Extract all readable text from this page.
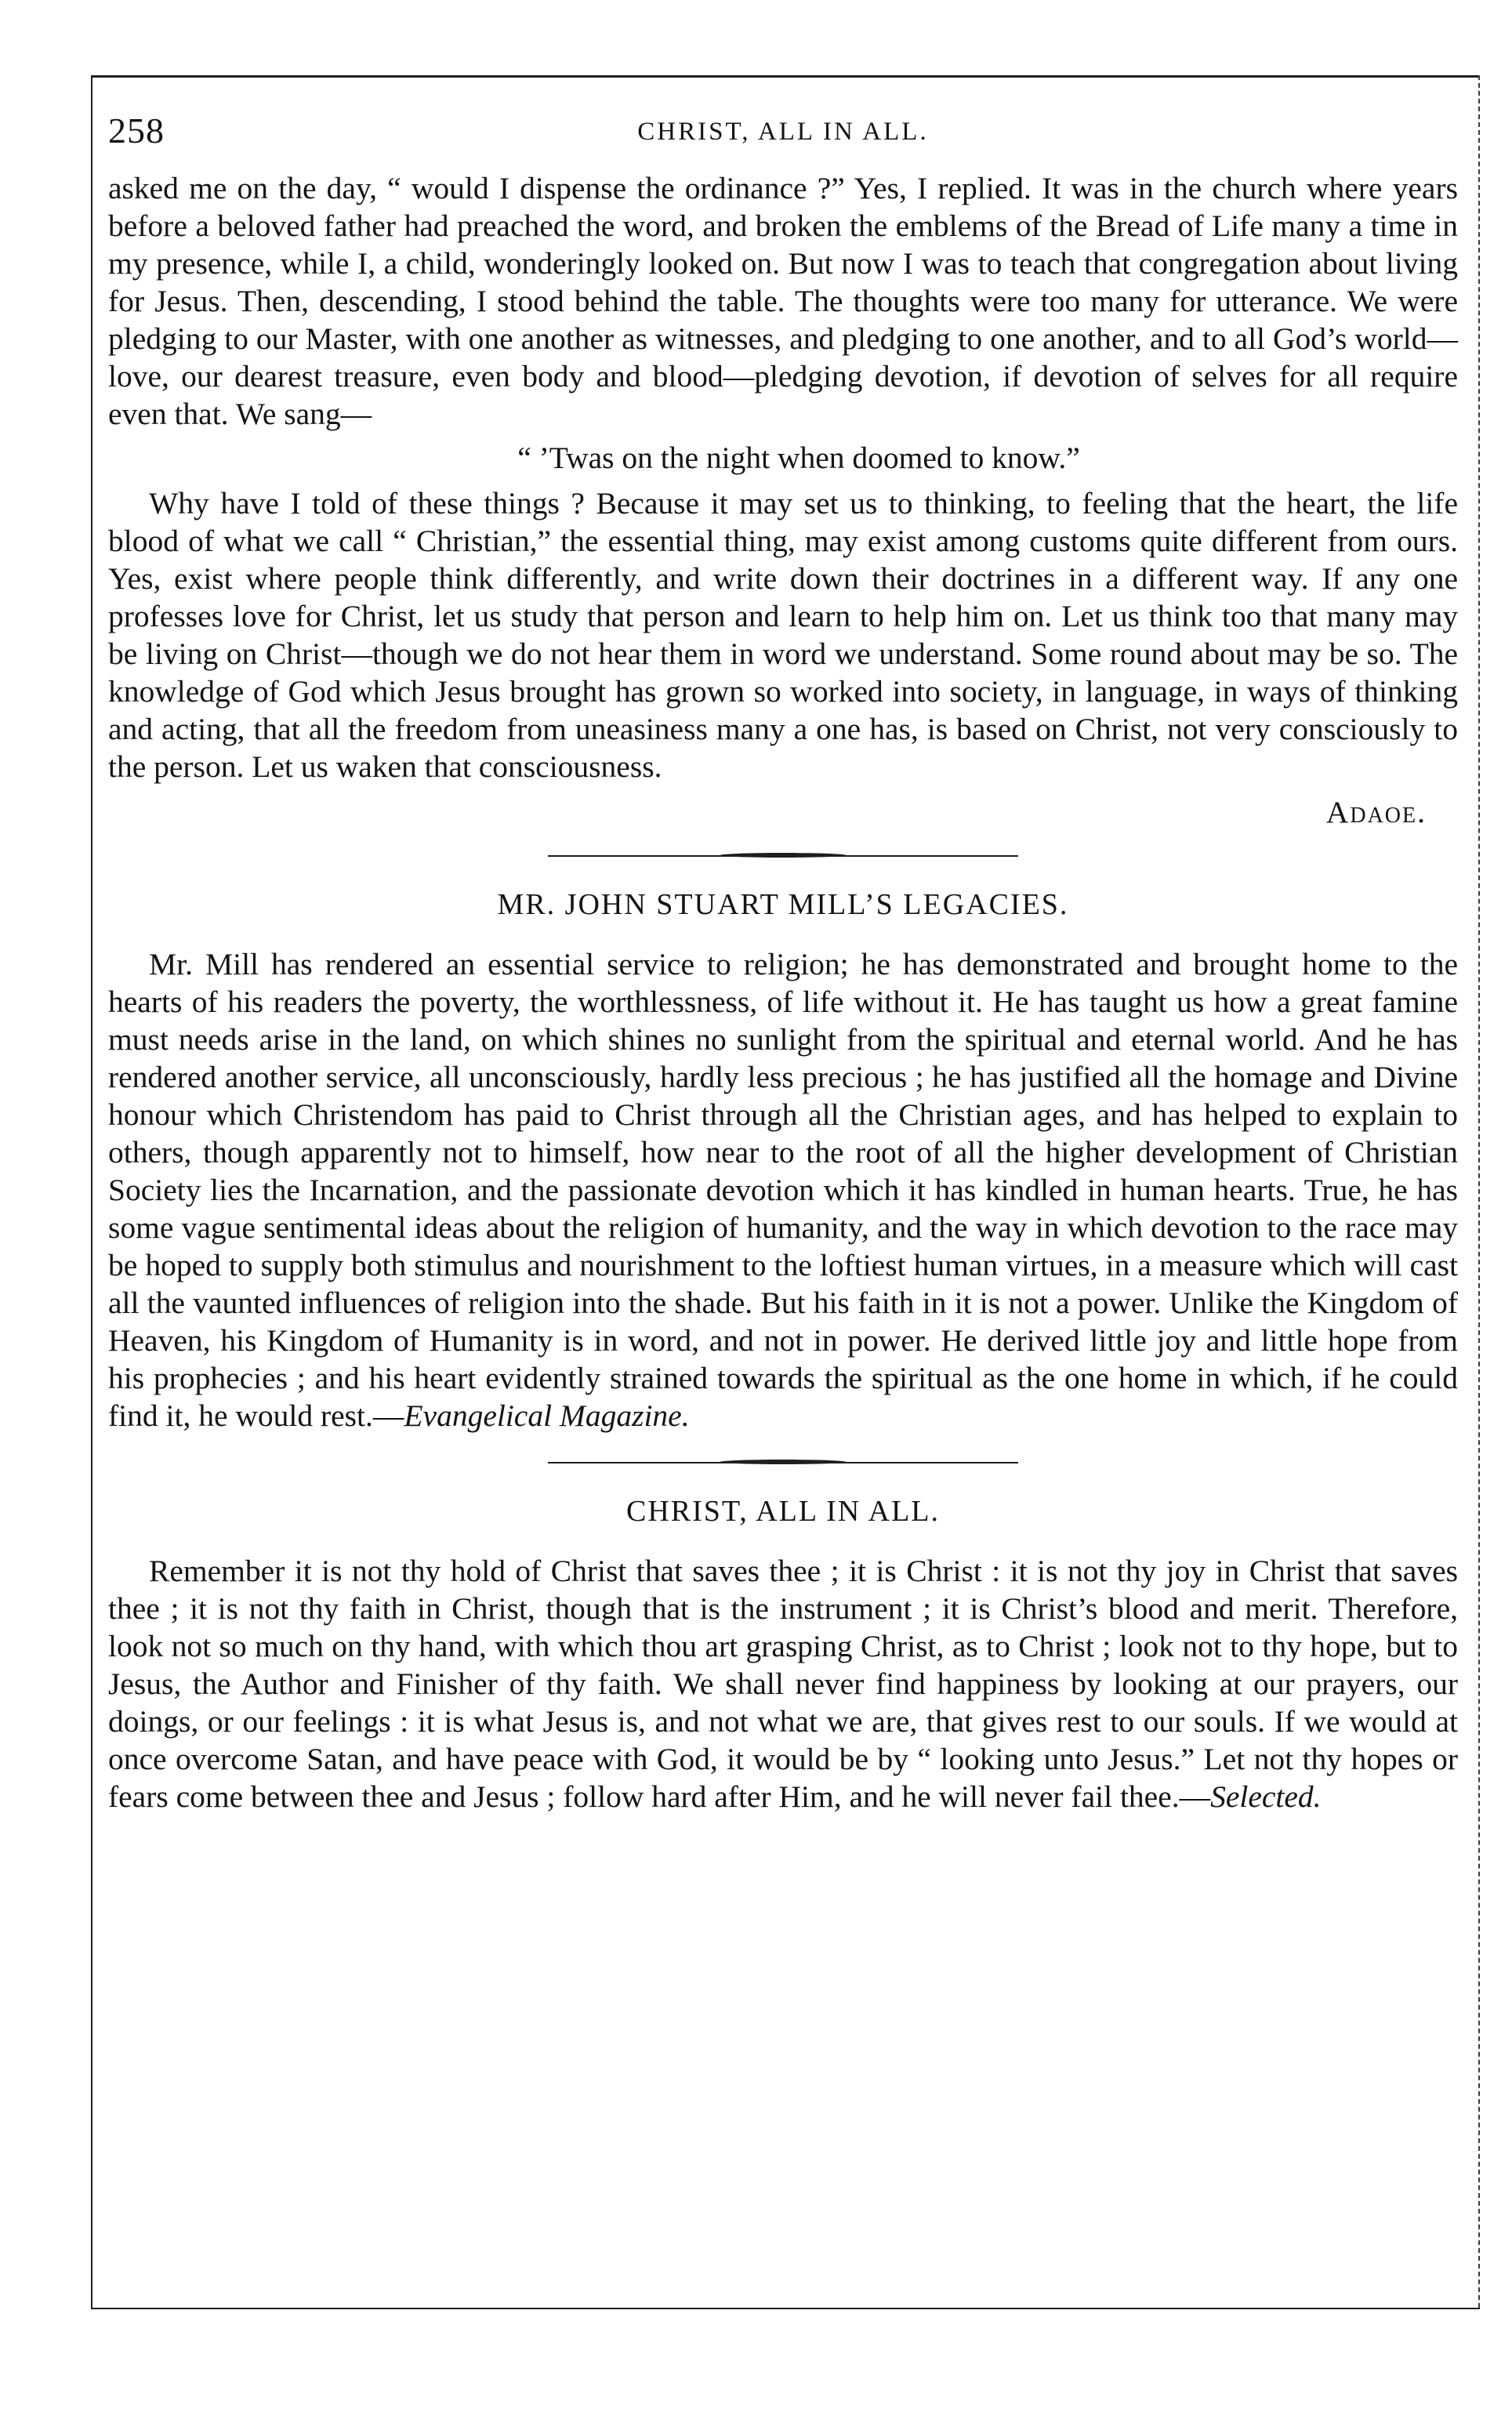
258	CHRIST, ALL IN ALL.

asked me on the day, “ would I dispense the ordinance ?” Yes, I replied. It was in the church where years before a beloved father had preached the word, and broken the emblems of the Bread of Life many a time in my presence, while I, a child, wonderingly looked on. But now I was to teach that congregation about living for Jesus. Then, descending, I stood behind the table. The thoughts were too many for utterance. We were pledging to our Master, with one another as witnesses, and pledging to one another, and to all God’s world—love, our dearest treasure, even body and blood—pledging devotion, if devotion of selves for all require even that. We sang—

“ ’Twas on the night when doomed to know.”

Why have I told of these things ? Because it may set us to thinking, to feeling that the heart, the life blood of what we call “ Christian,” the essential thing, may exist among customs quite different from ours. Yes, exist where people think differently, and write down their doctrines in a different way. If any one professes love for Christ, let us study that person and learn to help him on. Let us think too that many may be living on Christ—though we do not hear them in word we understand. Some round about may be so. The knowledge of God which Jesus brought has grown so worked into society, in language, in ways of thinking and acting, that all the freedom from uneasiness many a one has, is based on Christ, not very consciously to the person. Let us waken that consciousness.

Adaoe.

MR. JOHN STUART MILL’S LEGACIES.

Mr. Mill has rendered an essential service to religion; he has demonstrated and brought home to the hearts of his readers the poverty, the worthlessness, of life without it. He has taught us how a great famine must needs arise in the land, on which shines no sunlight from the spiritual and eternal world. And he has rendered another service, all unconsciously, hardly less precious ; he has justified all the homage and Divine honour which Christendom has paid to Christ through all the Christian ages, and has helped to explain to others, though apparently not to himself, how near to the root of all the higher development of Christian Society lies the Incarnation, and the passionate devotion which it has kindled in human hearts. True, he has some vague sentimental ideas about the religion of humanity, and the way in which devotion to the race may be hoped to supply both stimulus and nourishment to the loftiest human virtues, in a measure which will cast all the vaunted influences of religion into the shade. But his faith in it is not a power. Unlike the Kingdom of Heaven, his Kingdom of Humanity is in word, and not in power. He derived little joy and little hope from his prophecies ; and his heart evidently strained towards the spiritual as the one home in which, if he could find it, he would rest.—Evangelical Magazine.

CHRIST, ALL IN ALL.

Remember it is not thy hold of Christ that saves thee ; it is Christ : it is not thy joy in Christ that saves thee ; it is not thy faith in Christ, though that is the instrument ; it is Christ’s blood and merit. Therefore, look not so much on thy hand, with which thou art grasping Christ, as to Christ ; look not to thy hope, but to Jesus, the Author and Finisher of thy faith. We shall never find happiness by looking at our prayers, our doings, or our feelings : it is what Jesus is, and not what we are, that gives rest to our souls. If we would at once overcome Satan, and have peace with God, it would be by “ looking unto Jesus.” Let not thy hopes or fears come between thee and Jesus ; follow hard after Him, and he will never fail thee.—Selected.
